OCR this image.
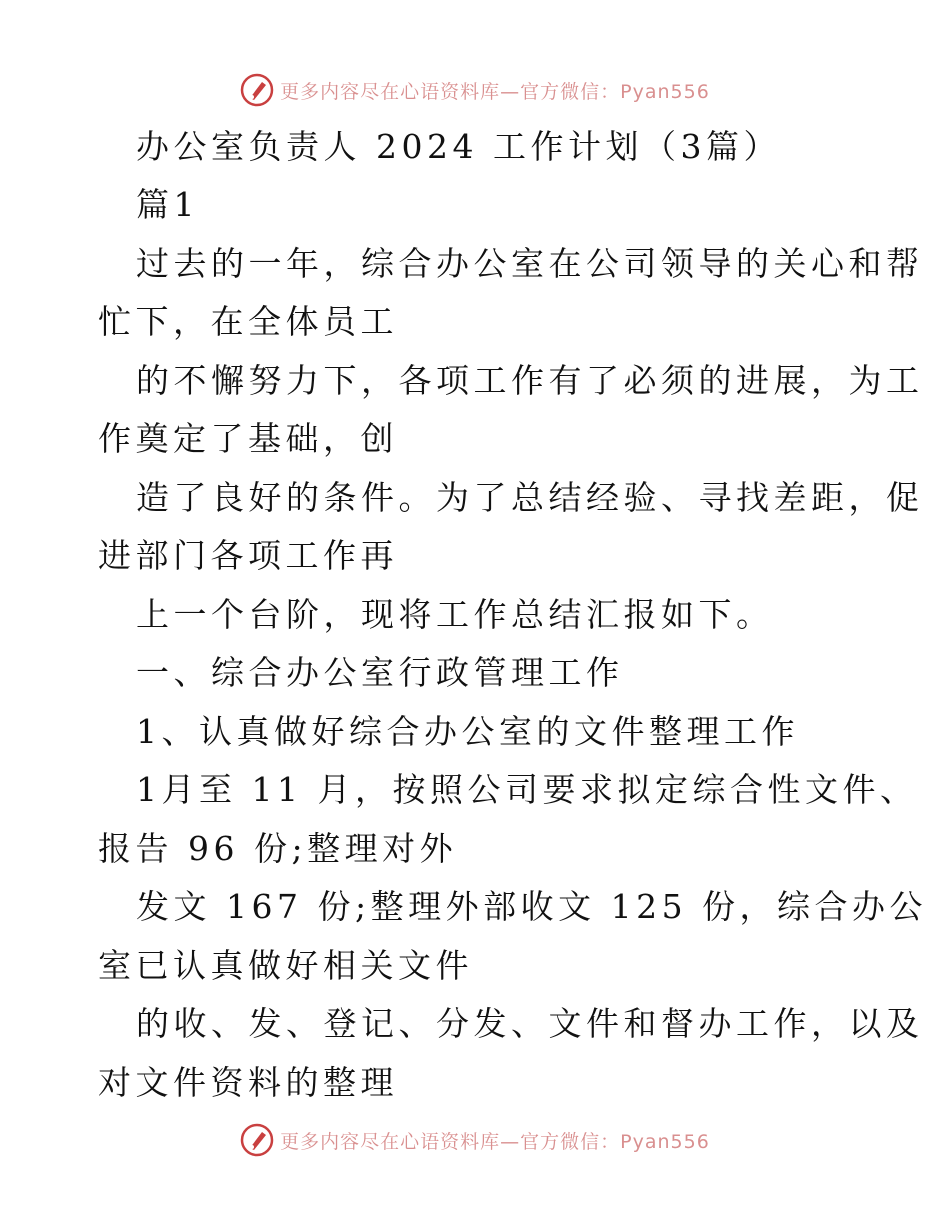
更多内容尽在心语资料库—官方微信：Pyan556
办公室负责人 2024 工作计划（3篇）
篇1
过去的一年，综合办公室在公司领导的关心和帮
忙下，在全体员工
的不懈努力下，各项工作有了必须的进展，为工
作奠定了基础，创
造了良好的条件。为了总结经验、寻找差距，促
进部门各项工作再
上一个台阶，现将工作总结汇报如下。
一、综合办公室行政管理工作
1、认真做好综合办公室的文件整理工作
1月至 11 月，按照公司要求拟定综合性文件、
报告 96 份;整理对外
发文 167 份;整理外部收文 125 份，综合办公
室已认真做好相关文件
的收、发、登记、分发、文件和督办工作，以及
对文件资料的整理
更多内容尽在心语资料库—官方微信：Pyan556
